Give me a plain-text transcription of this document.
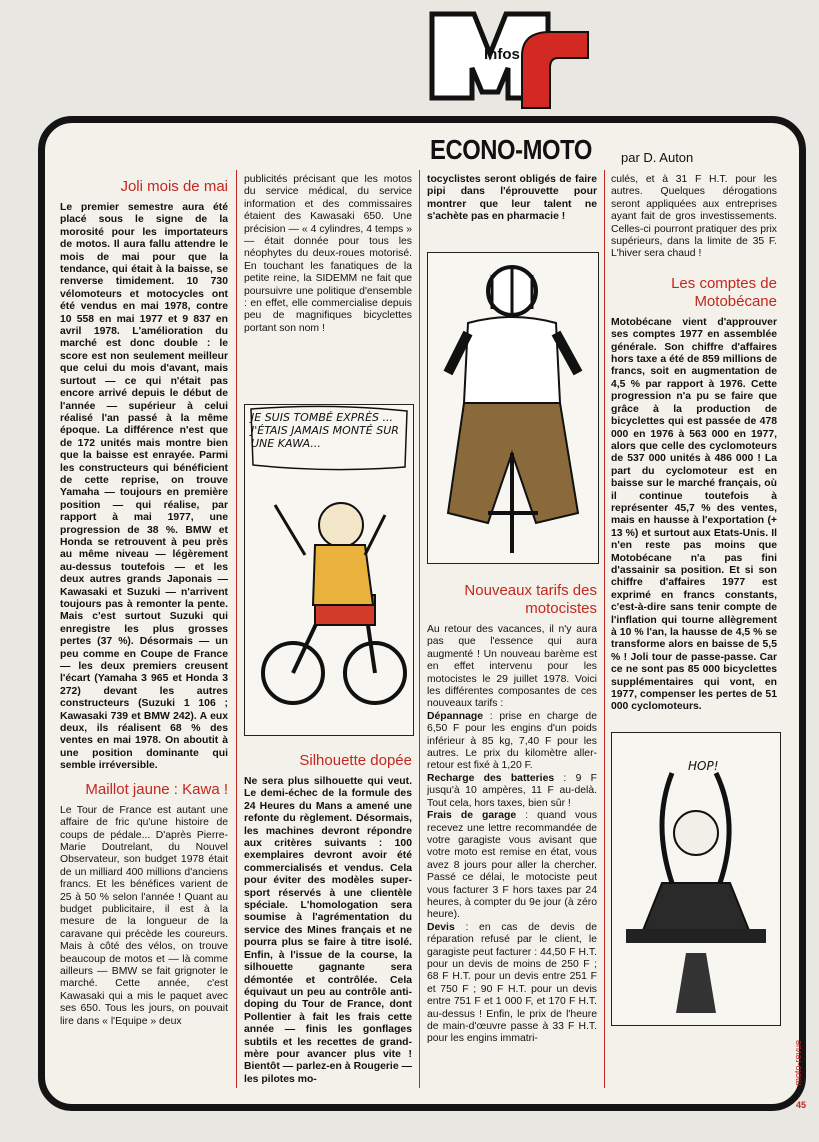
Infos
ECONO-MOTO par D. Auton
Joli mois de mai

Le premier semestre aura été placé sous le signe de la morosité pour les importateurs de motos. Il aura fallu attendre le mois de mai pour que la tendance, qui était à la baisse, se renverse timidement. 10 730 vélomoteurs et motocycles ont été vendus en mai 1978, contre 10 558 en mai 1977 et 9 837 en avril 1978. L'amélioration du marché est donc double : le score est non seulement meilleur que celui du mois d'avant, mais surtout — ce qui n'était pas encore arrivé depuis le début de l'année — supérieur à celui réalisé l'an passé à la même époque. La différence n'est que de 172 unités mais montre bien que la baisse est enrayée. Parmi les constructeurs qui bénéficient de cette reprise, on trouve Yamaha — toujours en première position — qui réalise, par rapport à mai 1977, une progression de 38 %. BMW et Honda se retrouvent à peu près au même niveau — légèrement au-dessus toutefois — et les deux autres grands Japonais — Kawasaki et Suzuki — n'arrivent toujours pas à remonter la pente. Mais c'est surtout Suzuki qui enregistre les plus grosses pertes (37 %). Désormais — un peu comme en Coupe de France — les deux premiers creusent l'écart (Yamaha 3 965 et Honda 3 272) devant les autres constructeurs (Suzuki 1 106 ; Kawasaki 739 et BMW 242). A eux deux, ils réalisent 68 % des ventes en mai 1978. On aboutit à une position dominante qui semble irréversible.

Maillot jaune : Kawa !

Le Tour de France est autant une affaire de fric qu'une histoire de coups de pédale... D'après Pierre-Marie Doutrelant, du Nouvel Observateur, son budget 1978 était de un milliard 400 millions d'anciens francs. Et les bénéfices varient de 25 à 50 % selon l'année ! Quant au budget publicitaire, il est à la mesure de la longueur de la caravane qui précède les coureurs. Mais à côté des vélos, on trouve beaucoup de motos et — là comme ailleurs — BMW se fait grignoter le marché. Cette année, c'est Kawasaki qui a mis le paquet avec ses 650. Tous les jours, on pouvait lire dans « l'Equipe » deux

publicités précisant que les motos du service médical, du service information et des commissaires étaient des Kawasaki 650. Une précision — « 4 cylindres, 4 temps » — était donnée pour tous les néophytes du deux-roues motorisé. En touchant les fanatiques de la petite reine, la SIDEMM ne fait que poursuivre une politique d'ensemble : en effet, elle commercialise depuis peu de magnifiques bicyclettes portant son nom !

JE SUIS TOMBÉ EXPRÈS ... J'ÉTAIS JAMAIS MONTÉ SUR UNE KAWA...
Silhouette dopée

Ne sera plus silhouette qui veut. Le demi-échec de la formule des 24 Heures du Mans a amené une refonte du règlement. Désormais, les machines devront répondre aux critères suivants : 100 exemplaires devront avoir été commercialisés et vendus. Cela pour éviter des modèles super-sport réservés à une clientèle spéciale. L'homologation sera soumise à l'agrémentation du service des Mines français et ne pourra plus se faire à titre isolé. Enfin, à l'issue de la course, la silhouette gagnante sera démontée et contrôlée. Cela équivaut un peu au contrôle anti-doping du Tour de France, dont Pollentier à fait les frais cette année — finis les gonflages subtils et les recettes de grand-mère pour avancer plus vite ! Bientôt — parlez-en à Rougerie — les pilotes mo-

tocyclistes seront obligés de faire pipi dans l'éprouvette pour montrer que leur talent ne s'achète pas en pharmacie !

Nouveaux tarifs des motocistes

Au retour des vacances, il n'y aura pas que l'essence qui aura augmenté ! Un nouveau barème est en effet intervenu pour les motocistes le 29 juillet 1978. Voici les différentes composantes de ces nouveaux tarifs :

Dépannage : prise en charge de 6,50 F pour les engins d'un poids inférieur à 85 kg, 7,40 F pour les autres. Le prix du kilomètre aller-retour est fixé à 1,20 F.

Recharge des batteries : 9 F jusqu'à 10 ampères, 11 F au-delà. Tout cela, hors taxes, bien sûr !

Frais de garage : quand vous recevez une lettre recommandée de votre garagiste vous avisant que votre moto est remise en état, vous avez 8 jours pour aller la chercher. Passé ce délai, le motociste peut vous facturer 3 F hors taxes par 24 heures, à compter du 9e jour (à zéro heure).

Devis : en cas de devis de réparation refusé par le client, le garagiste peut facturer : 44,50 F H.T. pour un devis de moins de 250 F ; 68 F H.T. pour un devis entre 251 F et 750 F ; 90 F H.T. pour un devis entre 751 F et 1 000 F, et 170 F H.T. au-dessus ! Enfin, le prix de l'heure de main-d'œuvre passe à 33 F H.T. pour les engins immatri-

culés, et à 31 F H.T. pour les autres. Quelques dérogations seront appliquées aux entreprises ayant fait de gros investissements. Celles-ci pourront pratiquer des prix supérieurs, dans la limite de 35 F. L'hiver sera chaud !

Les comptes de Motobécane

Motobécane vient d'approuver ses comptes 1977 en assemblée générale. Son chiffre d'affaires hors taxe a été de 859 millions de francs, soit en augmentation de 4,5 % par rapport à 1976. Cette progression n'a pu se faire que grâce à la production de bicyclettes qui est passée de 478 000 en 1976 à 563 000 en 1977, alors que celle des cyclomoteurs de 537 000 unités à 486 000 ! La part du cyclomoteur est en baisse sur le marché français, où il continue toutefois à représenter 45,7 % des ventes, mais en hausse à l'exportation (+ 13 %) et surtout aux Etats-Unis. Il n'en reste pas moins que Motobécane n'a pas fini d'assainir sa position. Et si son chiffre d'affaires 1977 est exprimé en francs constants, c'est-à-dire sans tenir compte de l'inflation qui tourne allègrement à 10 % l'an, la hausse de 4,5 % se transforme alors en baisse de 5,5 % ! Joli tour de passe-passe. Car ce ne sont pas 85 000 bicyclettes supplémentaires qui vont, en 1977, compenser les pertes de 51 000 cyclomoteurs.

HOP!
moto-revue
45
